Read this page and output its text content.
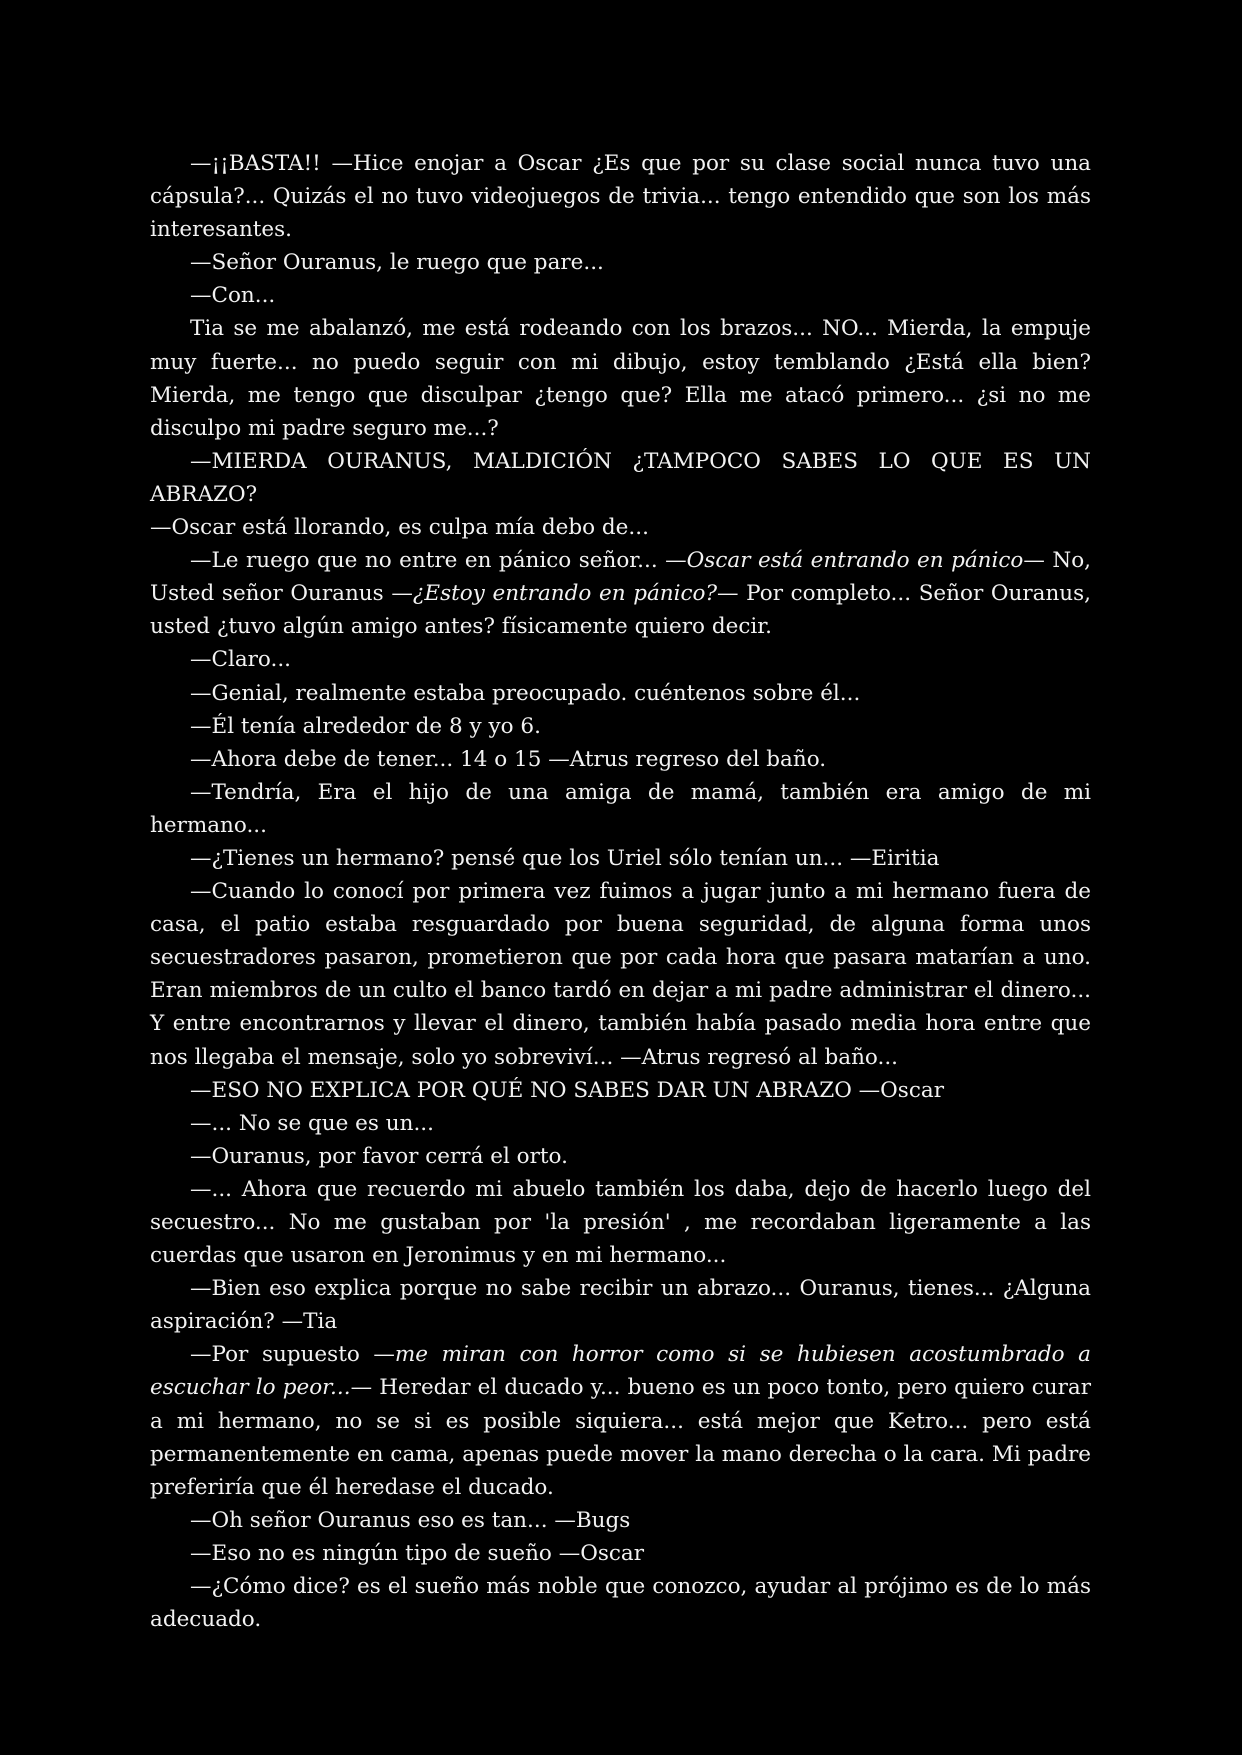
—¡¡BASTA!! —Hice enojar a Oscar ¿Es que por su clase social nunca tuvo una cápsula?... Quizás el no tuvo videojuegos de trivia... tengo entendido que son los más interesantes.

—Señor Ouranus, le ruego que pare...

—Con...

Tia se me abalanzó, me está rodeando con los brazos... NO... Mierda, la empuje muy fuerte... no puedo seguir con mi dibujo, estoy temblando ¿Está ella bien? Mierda, me tengo que disculpar ¿tengo que? Ella me atacó primero... ¿si no me disculpo mi padre seguro me...?

—MIERDA OURANUS, MALDICIÓN ¿TAMPOCO SABES LO QUE ES UN ABRAZO?

—Oscar está llorando, es culpa mía debo de...

—Le ruego que no entre en pánico señor... —Oscar está entrando en pánico— No, Usted señor Ouranus —¿Estoy entrando en pánico?— Por completo... Señor Ouranus, usted ¿tuvo algún amigo antes? físicamente quiero decir.

—Claro...

—Genial, realmente estaba preocupado. cuéntenos sobre él...

—Él tenía alrededor de 8 y yo 6.

—Ahora debe de tener... 14 o 15 —Atrus regreso del baño.

—Tendría, Era el hijo de una amiga de mamá, también era amigo de mi hermano...

—¿Tienes un hermano? pensé que los Uriel sólo tenían un... —Eiritia

—Cuando lo conocí por primera vez fuimos a jugar junto a mi hermano fuera de casa, el patio estaba resguardado por buena seguridad, de alguna forma unos secuestradores pasaron, prometieron que por cada hora que pasara matarían a uno. Eran miembros de un culto el banco tardó en dejar a mi padre administrar el dinero... Y entre encontrarnos y llevar el dinero, también había pasado media hora entre que nos llegaba el mensaje, solo yo sobreviví... —Atrus regresó al baño...

—ESO NO EXPLICA POR QUÉ NO SABES DAR UN ABRAZO —Oscar

—... No se que es un...

—Ouranus, por favor cerrá el orto.

—... Ahora que recuerdo mi abuelo también los daba, dejo de hacerlo luego del secuestro... No me gustaban por 'la presión' , me recordaban ligeramente a las cuerdas que usaron en Jeronimus y en mi hermano...

—Bien eso explica porque no sabe recibir un abrazo... Ouranus, tienes... ¿Alguna aspiración? —Tia

—Por supuesto —me miran con horror como si se hubiesen acostumbrado a escuchar lo peor...— Heredar el ducado y... bueno es un poco tonto, pero quiero curar a mi hermano, no se si es posible siquiera... está mejor que Ketro... pero está permanentemente en cama, apenas puede mover la mano derecha o la cara. Mi padre preferiría que él heredase el ducado.

—Oh señor Ouranus eso es tan... —Bugs

—Eso no es ningún tipo de sueño —Oscar

—¿Cómo dice? es el sueño más noble que conozco, ayudar al prójimo es de lo más adecuado.
